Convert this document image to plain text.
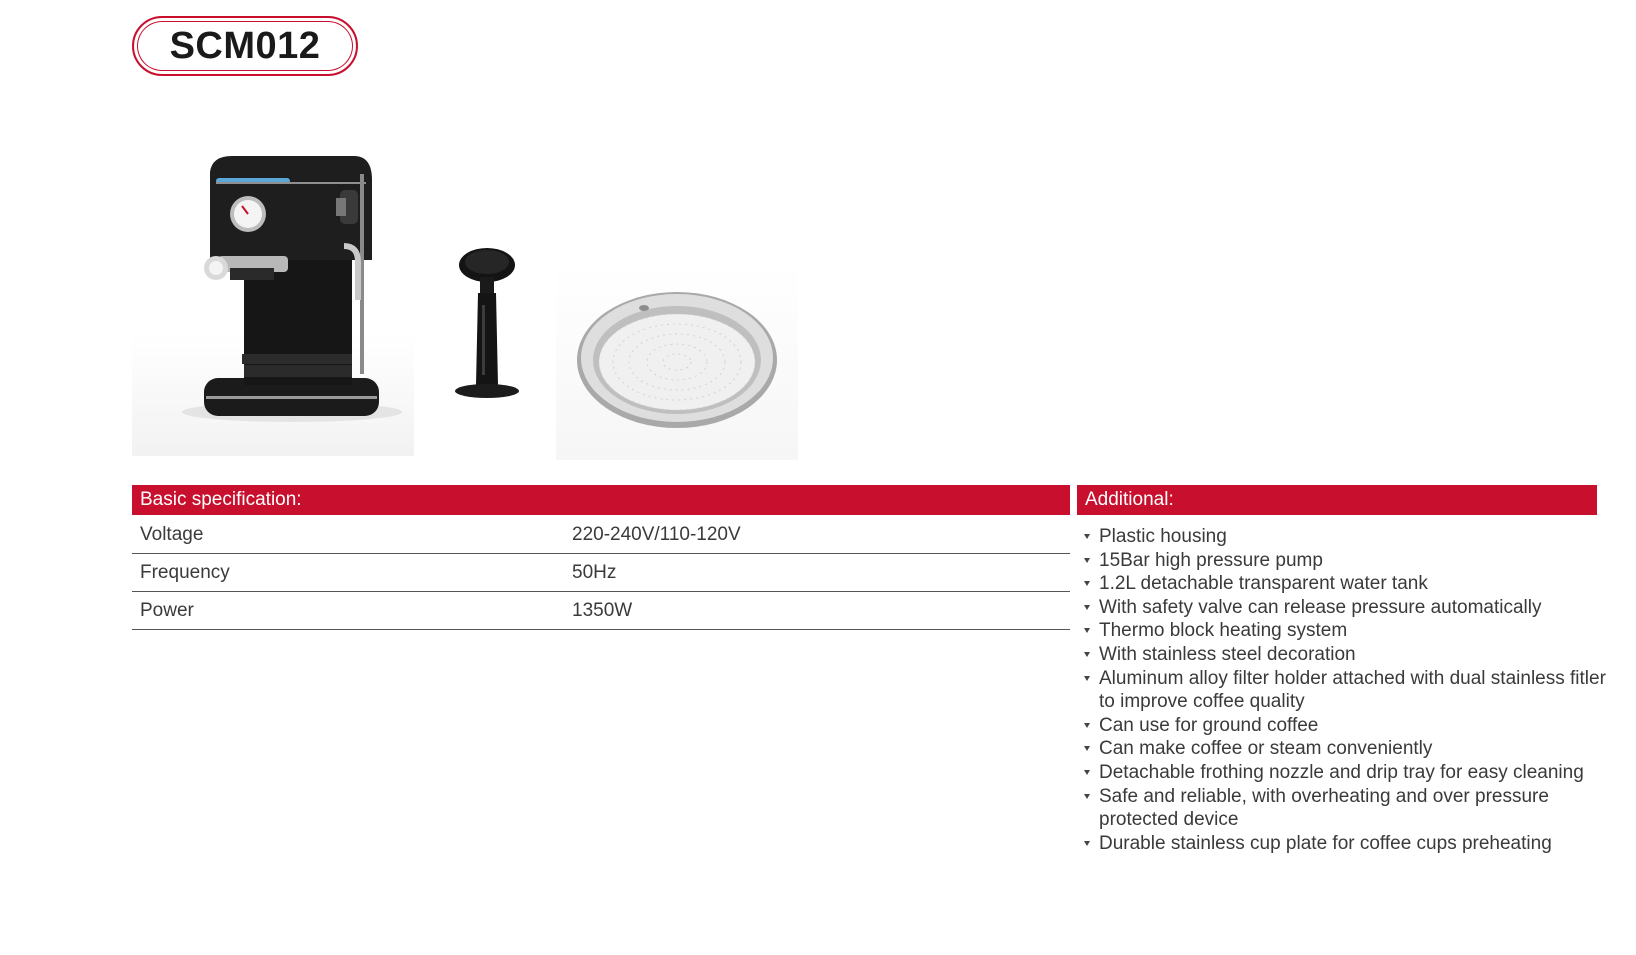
SCM012
Basic specification:	Additional:
Voltage	220-240V/110-120V
Frequency	50Hz
Power	1350W
Plastic housing
15Bar high pressure pump
1.2L detachable transparent water tank
With safety valve can release pressure automatically
Thermo block heating system
With stainless steel decoration
Aluminum alloy filter holder attached with dual stainless fitler to improve coffee quality
Can use for ground coffee
Can make coffee or steam conveniently
Detachable frothing nozzle and drip tray for easy cleaning
Safe and reliable, with overheating and over pressure protected device
Durable stainless cup plate for coffee cups preheating
